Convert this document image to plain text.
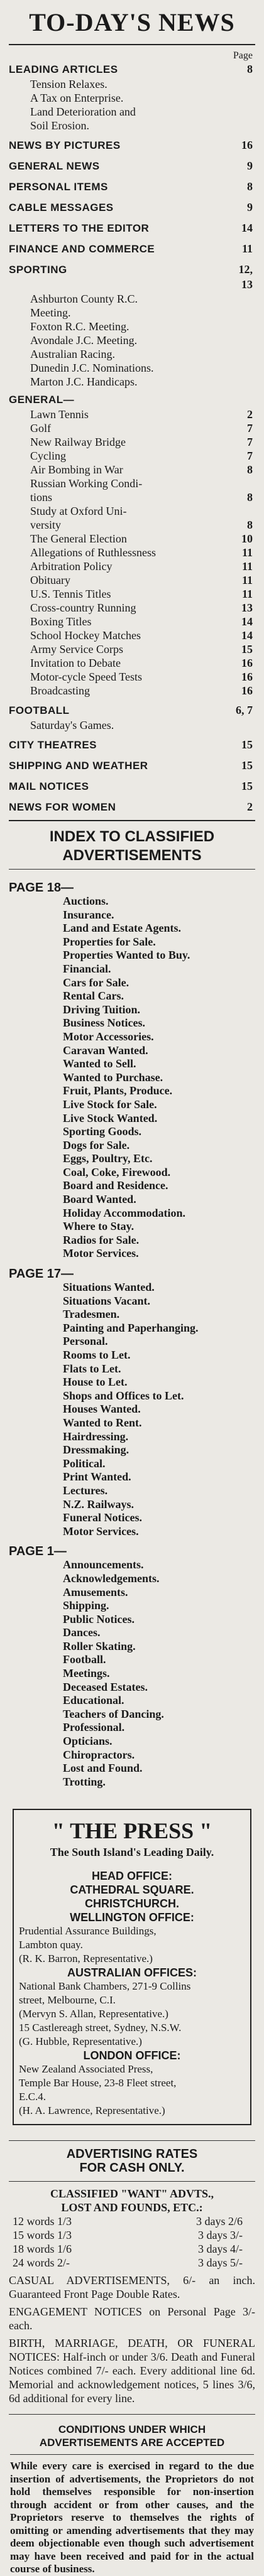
TO-DAY'S NEWS
Page
LEADING ARTICLES	8
Tension Relaxes.
A Tax on Enterprise.
Land Deterioration and
Soil Erosion.
NEWS BY PICTURES	16
GENERAL NEWS	9
PERSONAL ITEMS	8
CABLE MESSAGES	9
LETTERS TO THE EDITOR	14
FINANCE AND COMMERCE	11
SPORTING	12, 13
Ashburton County R.C.
Meeting.
Foxton R.C. Meeting.
Avondale J.C. Meeting.
Australian Racing.
Dunedin J.C. Nominations.
Marton J.C. Handicaps.
GENERAL—
Lawn Tennis	2
Golf	7
New Railway Bridge	7
Cycling	7
Air Bombing in War	8
Russian Working Condi-
tions	8
Study at Oxford Uni-
versity	8
The General Election	10
Allegations of Ruthlessness	11
Arbitration Policy	11
Obituary	11
U.S. Tennis Titles	11
Cross-country Running	13
Boxing Titles	14
School Hockey Matches	14
Army Service Corps	15
Invitation to Debate	16
Motor-cycle Speed Tests	16
Broadcasting	16
FOOTBALL	6, 7
Saturday's Games.
CITY THEATRES	15
SHIPPING AND WEATHER	15
MAIL NOTICES	15
NEWS FOR WOMEN	2
INDEX TO CLASSIFIED
ADVERTISEMENTS
PAGE 18—
Auctions.
Insurance.
Land and Estate Agents.
Properties for Sale.
Properties Wanted to Buy.
Financial.
Cars for Sale.
Rental Cars.
Driving Tuition.
Business Notices.
Motor Accessories.
Caravan Wanted.
Wanted to Sell.
Wanted to Purchase.
Fruit, Plants, Produce.
Live Stock for Sale.
Live Stock Wanted.
Sporting Goods.
Dogs for Sale.
Eggs, Poultry, Etc.
Coal, Coke, Firewood.
Board and Residence.
Board Wanted.
Holiday Accommodation.
Where to Stay.
Radios for Sale.
Motor Services.
PAGE 17—
Situations Wanted.
Situations Vacant.
Tradesmen.
Painting and Paperhanging.
Personal.
Rooms to Let.
Flats to Let.
House to Let.
Shops and Offices to Let.
Houses Wanted.
Wanted to Rent.
Hairdressing.
Dressmaking.
Political.
Print Wanted.
Lectures.
N.Z. Railways.
Funeral Notices.
Motor Services.
PAGE 1—
Announcements.
Acknowledgements.
Amusements.
Shipping.
Public Notices.
Dances.
Roller Skating.
Football.
Meetings.
Deceased Estates.
Educational.
Teachers of Dancing.
Professional.
Opticians.
Chiropractors.
Lost and Found.
Trotting.
" THE PRESS "
The South Island's Leading Daily.
HEAD OFFICE:
CATHEDRAL SQUARE.
CHRISTCHURCH.
WELLINGTON OFFICE:
Prudential Assurance Buildings,
Lambton quay.
(R. K. Barron, Representative.)
AUSTRALIAN OFFICES:
National Bank Chambers, 271-9 Collins
street, Melbourne, C.I.
(Mervyn S. Allan, Representative.)
15 Castlereagh street, Sydney, N.S.W.
(G. Hubble, Representative.)
LONDON OFFICE:
New Zealand Associated Press,
Temple Bar House, 23-8 Fleet street,
E.C.4.
(H. A. Lawrence, Representative.)
ADVERTISING RATES
FOR CASH ONLY.
CLASSIFIED "WANT" ADVTS.,
LOST AND FOUNDS, ETC.:
12 words 1/3	3 days 2/6
15 words 1/3	3 days 3/-
18 words 1/6	3 days 4/-
24 words 2/-	3 days 5/-
CASUAL ADVERTISEMENTS, 6/- an inch. Guaranteed Front Page Double Rates.
ENGAGEMENT NOTICES on Personal Page 3/- each.
BIRTH, MARRIAGE, DEATH, OR FUNERAL NOTICES: Half-inch or under 3/6. Death and Funeral Notices combined 7/- each. Every additional line 6d. Memorial and acknowledgement notices, 5 lines 3/6, 6d additional for every line.
CONDITIONS UNDER WHICH
ADVERTISEMENTS ARE ACCEPTED
While every care is exercised in regard to the due insertion of advertisements, the Proprietors do not hold themselves responsible for non-insertion through accident or from other causes, and the Proprietors reserve to themselves the rights of omitting or amending advertisements that they may deem objectionable even though such advertisement may have been received and paid for in the actual course of business.
